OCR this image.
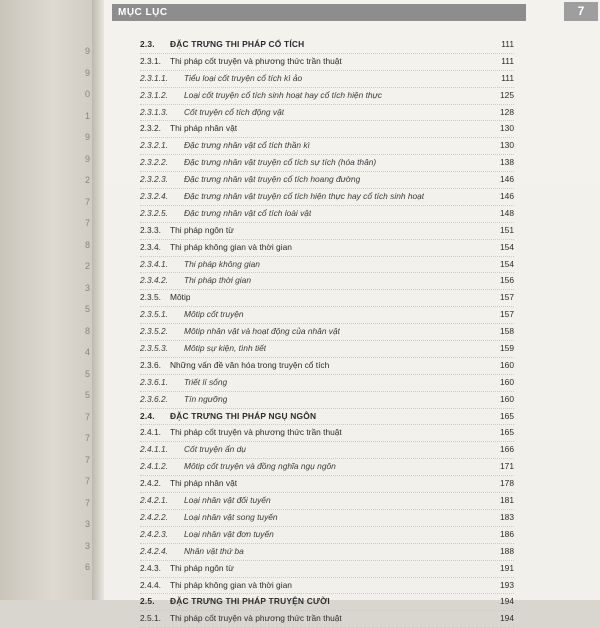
9
9
0
1
9
9
2
7
7
8
2
3
5
8
4
5
5
7
7
7
7
7
3
3
6
MỤC LỤC	7
2.3. ĐẶC TRƯNG THI PHÁP CỔ TÍCH	111
2.3.1. Thi pháp cốt truyện và phương thức trần thuật	111
2.3.1.1. Tiểu loại cốt truyện cổ tích kì ảo	111
2.3.1.2. Loại cốt truyện cổ tích sinh hoạt hay cổ tích hiện thực	125
2.3.1.3. Cốt truyện cổ tích động vật	128
2.3.2. Thi pháp nhân vật	130
2.3.2.1. Đặc trưng nhân vật cổ tích thần kì	130
2.3.2.2. Đặc trưng nhân vật truyện cổ tích sự tích (hóa thân)	138
2.3.2.3. Đặc trưng nhân vật truyện cổ tích hoang đường	146
2.3.2.4. Đặc trưng nhân vật truyện cổ tích hiện thực hay cổ tích sinh hoạt	146
2.3.2.5. Đặc trưng nhân vật cổ tích loài vật	148
2.3.3. Thi pháp ngôn từ	151
2.3.4. Thi pháp không gian và thời gian	154
2.3.4.1. Thi pháp không gian	154
2.3.4.2. Thi pháp thời gian	156
2.3.5. Môtip	157
2.3.5.1. Môtip cốt truyện	157
2.3.5.2. Môtip nhân vật và hoạt động của nhân vật	158
2.3.5.3. Môtip sự kiện, tình tiết	159
2.3.6. Những vấn đề văn hóa trong truyện cổ tích	160
2.3.6.1. Triết lí sống	160
2.3.6.2. Tín ngưỡng	160
2.4. ĐẶC TRƯNG THI PHÁP NGỤ NGÔN	165
2.4.1. Thi pháp cốt truyện và phương thức trần thuật	165
2.4.1.1. Cốt truyện ẩn dụ	166
2.4.1.2. Môtip cốt truyện và đồng nghĩa ngụ ngôn	171
2.4.2. Thi pháp nhân vật	178
2.4.2.1. Loại nhân vật đối tuyến	181
2.4.2.2. Loại nhân vật song tuyến	183
2.4.2.3. Loại nhân vật đơn tuyến	186
2.4.2.4. Nhân vật thứ ba	188
2.4.3. Thi pháp ngôn từ	191
2.4.4. Thi pháp không gian và thời gian	193
2.5. ĐẶC TRƯNG THI PHÁP TRUYỆN CƯỜI	194
2.5.1. Thi pháp cốt truyện và phương thức trần thuật	194
